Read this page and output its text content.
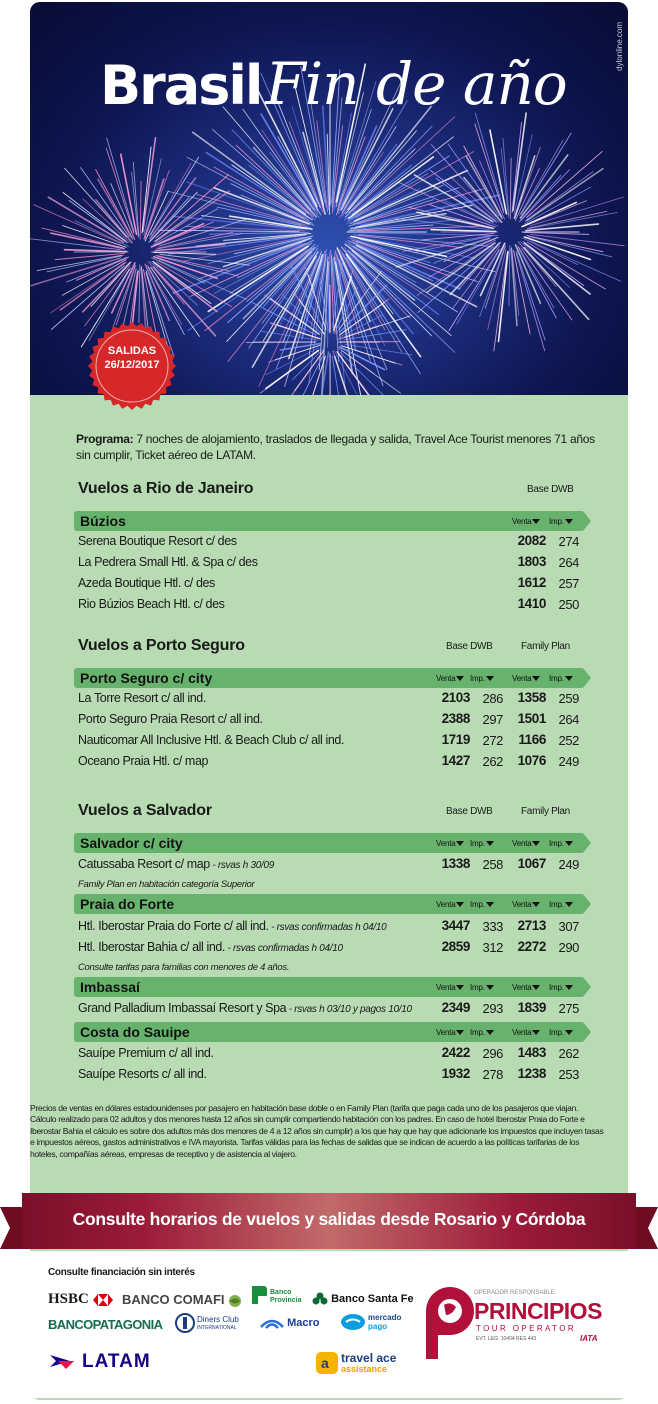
Brasil Fin de año
dylonline.com
SALIDAS
26/12/2017
Programa: 7 noches de alojamiento, traslados de llegada y salida, Travel Ace Tourist menores 71 años sin cumplir, Ticket aéreo de LATAM.
Vuelos a Rio de Janeiro	Base DWB
Búzios	Venta	Imp.
Serena Boutique Resort c/ des	2082 274
La Pedrera Small Htl. & Spa c/ des	1803 264
Azeda Boutique Htl. c/ des	1612 257
Rio Búzios Beach Htl. c/ des	1410 250
Vuelos a Porto Seguro	Base DWB	Family Plan
Porto Seguro c/ city	Venta	Imp.	Venta	Imp.
La Torre Resort c/ all ind.	2103 286	1358 259
Porto Seguro Praia Resort c/ all ind.	2388 297	1501 264
Nauticomar All Inclusive Htl. & Beach Club c/ all ind.	1719 272	1166 252
Oceano Praia Htl. c/ map	1427 262	1076 249
Vuelos a Salvador	Base DWB	Family Plan
Salvador c/ city	Venta	Imp.	Venta	Imp.
Catussaba Resort c/ map - rsvas h 30/09	1338 258	1067 249
Family Plan en habitación categoría Superior
Praia do Forte	Venta	Imp.	Venta	Imp.
Htl. Iberostar Praia do Forte c/ all ind. - rsvas confirmadas h 04/10	3447 333	2713 307
Htl. Iberostar Bahia c/ all ind. - rsvas confirmadas h 04/10	2859 312	2272 290
Consulte tarifas para familias con menores de 4 años.
Imbassaí	Venta	Imp.	Venta	Imp.
Grand Palladium Imbassaí Resort y Spa - rsvas h 03/10 y pagos 10/10	2349 293	1839 275
Costa do Sauipe	Venta	Imp.	Venta	Imp.
Sauípe Premium c/ all ind.	2422 296	1483 262
Sauípe Resorts c/ all ind.	1932 278	1238 253
Precios de ventas en dólares estadounidenses por pasajero en habitación base doble o en Family Plan (tarifa que paga cada uno de los pasajeros que viajan. Cálculo realizado para 02 adultos y dos menores hasta 12 años sin cumplir compartiendo habitación con los padres. En caso de hotel Iberostar Praia do Forte e Iberostar Bahia el cálculo es sobre dos adultos más dos menores de 4 a 12 años sin cumplir) a los que hay que hay que adicionarle los impuestos que incluyen tasas e impuestos aéreos, gastos administrativos e IVA mayorista. Tarifas válidas para las fechas de salidas que se indican de acuerdo a las políticas tarifarias de los hoteles, compañías aéreas, empresas de receptivo y de asistencia al viajero.
Consulte horarios de vuelos y salidas desde Rosario y Córdoba
Consulte financiación sin interés
HSBC	BANCO COMAFI	Banco
Provincia	Banco Santa Fe
BANCOPATAGONIA	Diners Club
INTERNATIONAL	Macro	mercado
pago
LATAM	a travel ace
assistance
OPERADOR RESPONSABLE:
PRINCIPIOS
TOUR OPERATOR
EVT. LEG. 10404 RES 443	IATA
